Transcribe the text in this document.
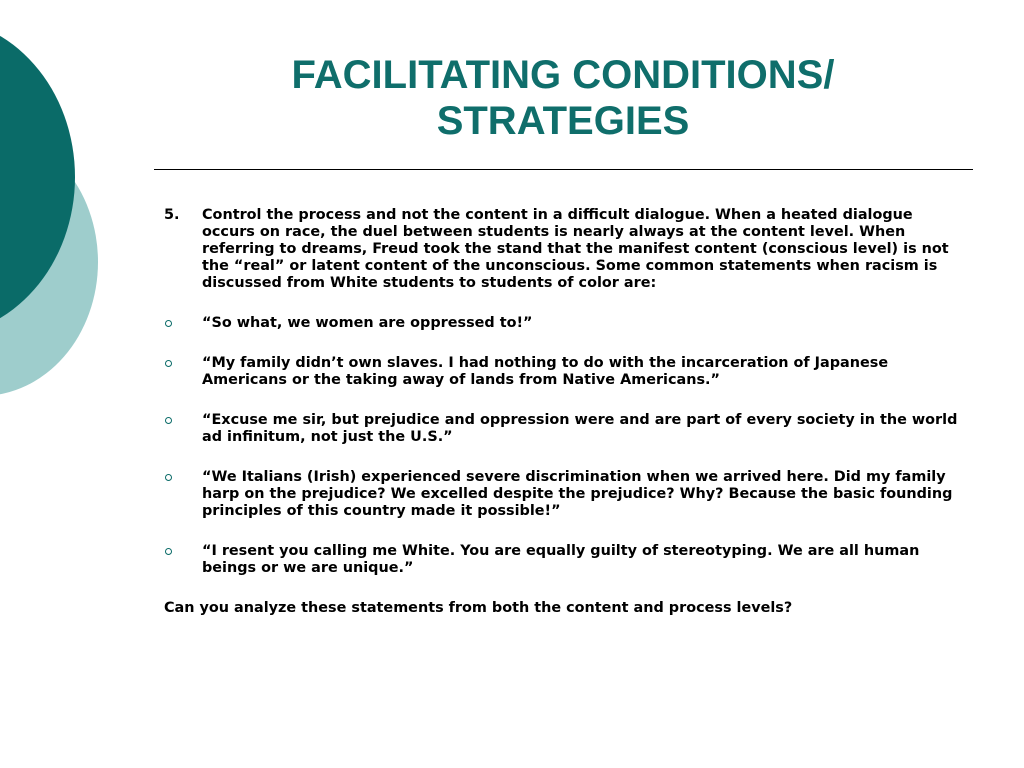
FACILITATING CONDITIONS/
STRATEGIES

5. Control the process and not the content in a difficult dialogue. When a heated dialogue occurs on race, the duel between students is nearly always at the content level. When referring to dreams, Freud took the stand that the manifest content (conscious level) is not the “real” or latent content of the unconscious. Some common statements when racism is discussed from White students to students of color are:

“So what, we women are oppressed to!”
“My family didn’t own slaves. I had nothing to do with the incarceration of Japanese Americans or the taking away of lands from Native Americans.”
“Excuse me sir, but prejudice and oppression were and are part of every society in the world ad infinitum, not just the U.S.”
“We Italians (Irish) experienced severe discrimination when we arrived here. Did my family harp on the prejudice? We excelled despite the prejudice? Why? Because the basic founding principles of this country made it possible!”
“I resent you calling me White. You are equally guilty of stereotyping. We are all human beings or we are unique.”

Can you analyze these statements from both the content and process levels?
